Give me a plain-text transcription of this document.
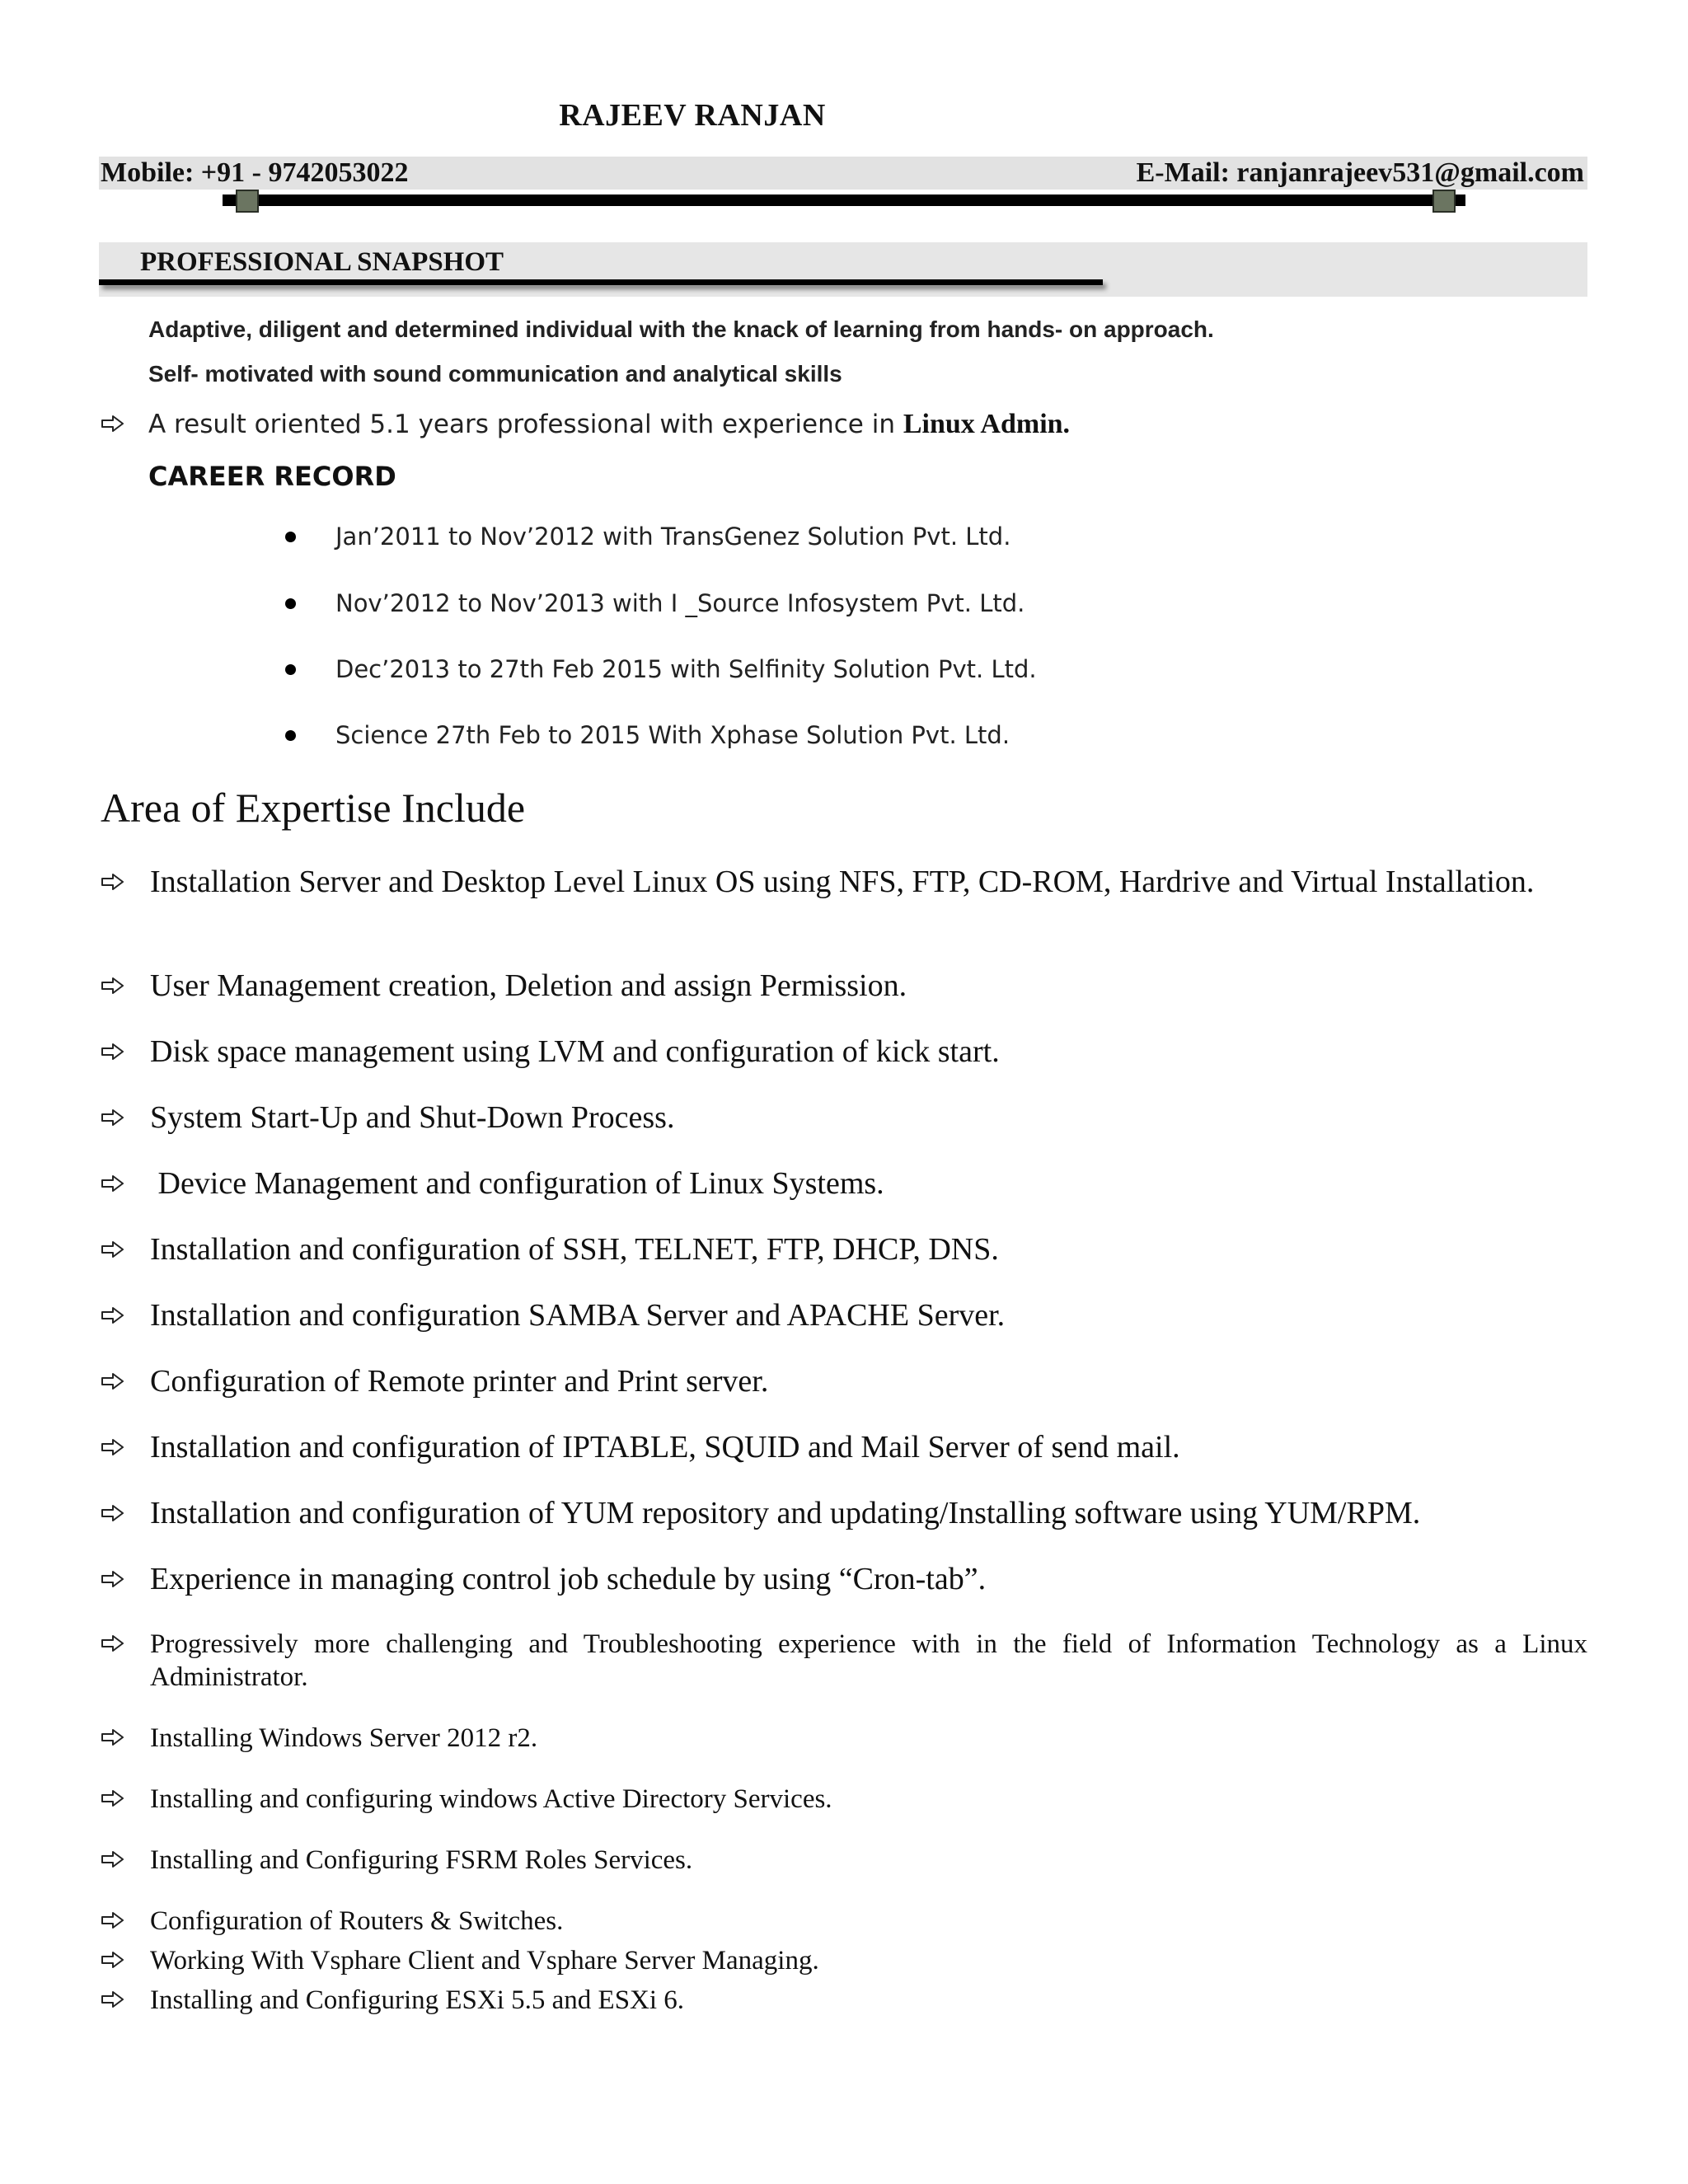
RAJEEV RANJAN
Mobile: +91 - 9742053022	E-Mail: ranjanrajeev531@gmail.com
PROFESSIONAL SNAPSHOT
Adaptive, diligent and determined individual with the knack of learning from hands- on approach.
Self- motivated with sound communication and analytical skills
A result oriented 5.1 years professional with experience in Linux Admin.
CAREER RECORD
Jan’2011 to Nov’2012 with TransGenez Solution Pvt. Ltd.
Nov’2012 to Nov’2013 with I _Source Infosystem Pvt. Ltd.
Dec’2013 to 27th Feb 2015 with Selfinity Solution Pvt. Ltd.
Science 27th Feb to 2015 With Xphase Solution Pvt. Ltd.
Area of Expertise Include
Installation Server and Desktop Level Linux OS using NFS, FTP, CD-ROM, Hardrive and Virtual Installation.
User Management creation, Deletion and assign Permission.
Disk space management using LVM and configuration of kick start.
System Start-Up and Shut-Down Process.
Device Management and configuration of Linux Systems.
Installation and configuration of SSH, TELNET, FTP, DHCP, DNS.
Installation and configuration SAMBA Server and APACHE Server.
Configuration of Remote printer and Print server.
Installation and configuration of IPTABLE, SQUID and Mail Server of send mail.
Installation and configuration of YUM repository and updating/Installing software using YUM/RPM.
Experience in managing control job schedule by using “Cron-tab”.
Progressively more challenging and Troubleshooting experience with in the field of Information Technology as a Linux Administrator.
Installing Windows Server 2012 r2.
Installing and configuring windows Active Directory Services.
Installing and Configuring FSRM Roles Services.
Configuration of Routers & Switches.
Working With Vsphare Client and Vsphare Server Managing.
Installing and Configuring ESXi 5.5 and ESXi 6.
